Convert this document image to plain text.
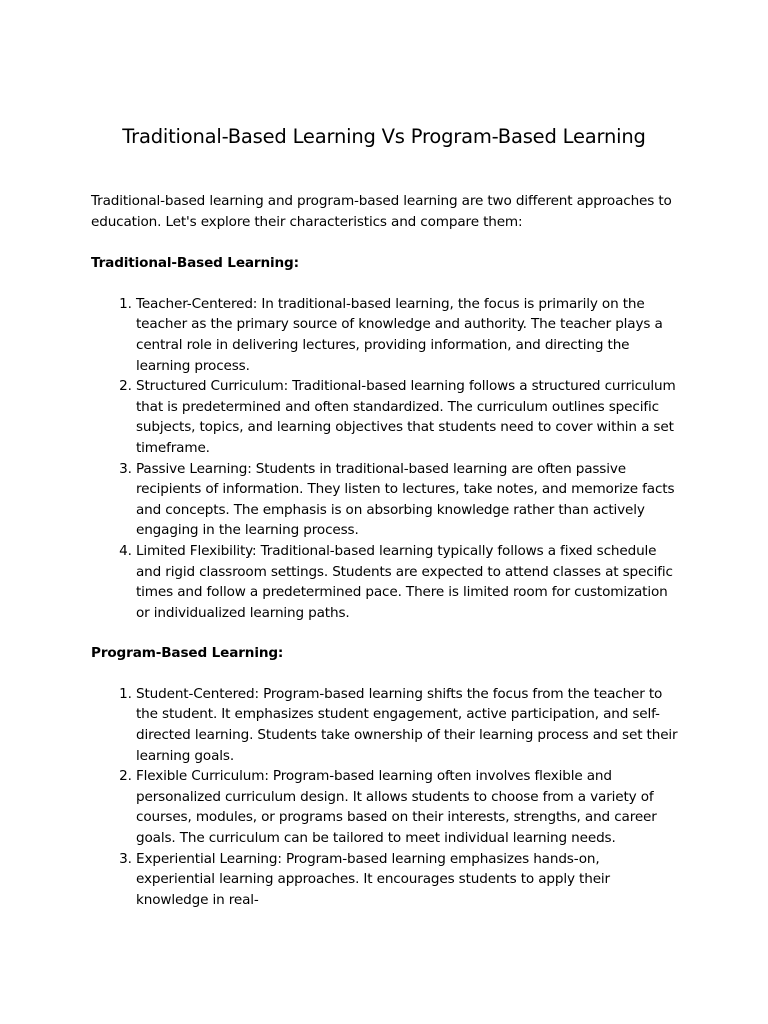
Traditional-Based Learning Vs Program-Based Learning

Traditional-based learning and program-based learning are two different approaches to education. Let's explore their characteristics and compare them:

Traditional-Based Learning:

1. Teacher-Centered: In traditional-based learning, the focus is primarily on the teacher as the primary source of knowledge and authority. The teacher plays a central role in delivering lectures, providing information, and directing the learning process.
2. Structured Curriculum: Traditional-based learning follows a structured curriculum that is predetermined and often standardized. The curriculum outlines specific subjects, topics, and learning objectives that students need to cover within a set timeframe.
3. Passive Learning: Students in traditional-based learning are often passive recipients of information. They listen to lectures, take notes, and memorize facts and concepts. The emphasis is on absorbing knowledge rather than actively engaging in the learning process.
4. Limited Flexibility: Traditional-based learning typically follows a fixed schedule and rigid classroom settings. Students are expected to attend classes at specific times and follow a predetermined pace. There is limited room for customization or individualized learning paths.

Program-Based Learning:

1. Student-Centered: Program-based learning shifts the focus from the teacher to the student. It emphasizes student engagement, active participation, and self-directed learning. Students take ownership of their learning process and set their learning goals.
2. Flexible Curriculum: Program-based learning often involves flexible and personalized curriculum design. It allows students to choose from a variety of courses, modules, or programs based on their interests, strengths, and career goals. The curriculum can be tailored to meet individual learning needs.
3. Experiential Learning: Program-based learning emphasizes hands-on, experiential learning approaches. It encourages students to apply their knowledge in real-
